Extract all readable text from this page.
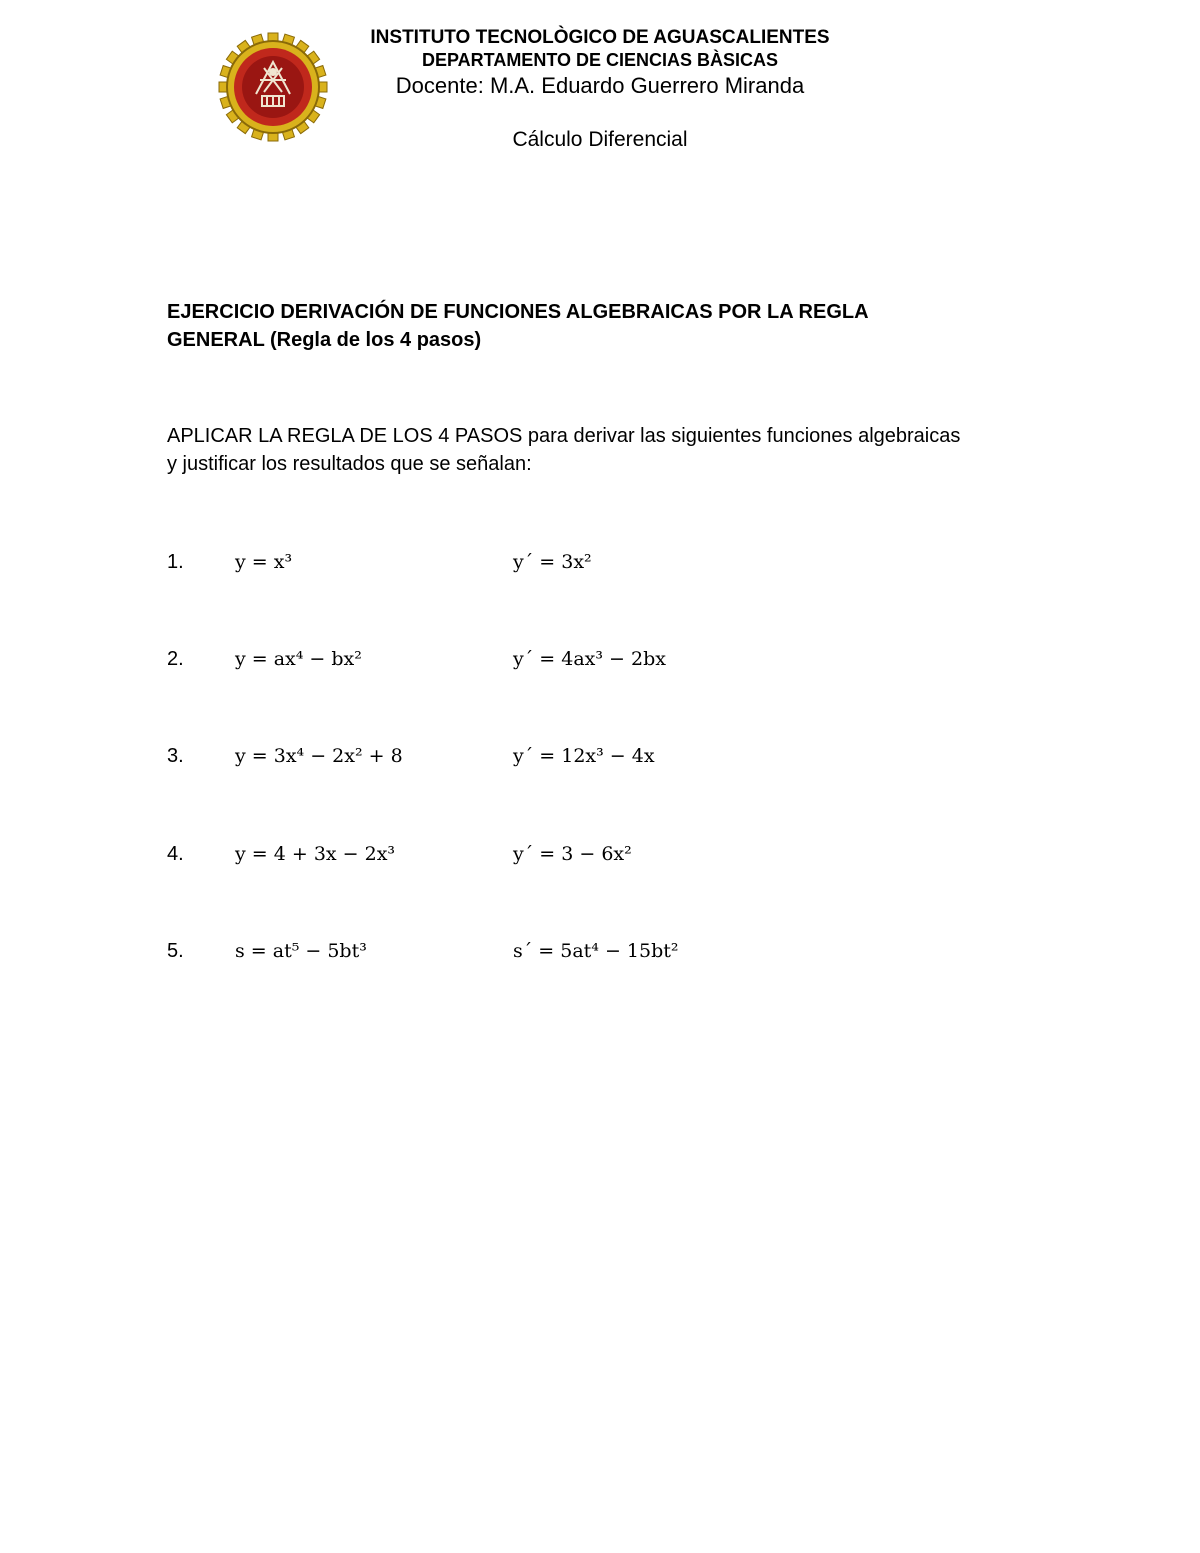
INSTITUTO TECNOLÒGICO DE AGUASCALIENTES
DEPARTAMENTO DE CIENCIAS BÀSICAS
Docente: M.A. Eduardo Guerrero Miranda
Cálculo Diferencial
EJERCICIO DERIVACIÓN DE FUNCIONES ALGEBRAICAS POR LA REGLA
GENERAL (Regla de los 4 pasos)

APLICAR LA REGLA DE LOS 4 PASOS para derivar las siguientes funciones algebraicas
y justificar los resultados que se señalan:

1.	y = x³	y´ = 3x²
2.	y = ax⁴ − bx²	y´ = 4ax³ − 2bx
3.	y = 3x⁴ − 2x² + 8	y´ = 12x³ − 4x
4.	y = 4 + 3x − 2x³	y´ = 3 − 6x²
5.	s = at⁵ − 5bt³	s´ = 5at⁴ − 15bt²
